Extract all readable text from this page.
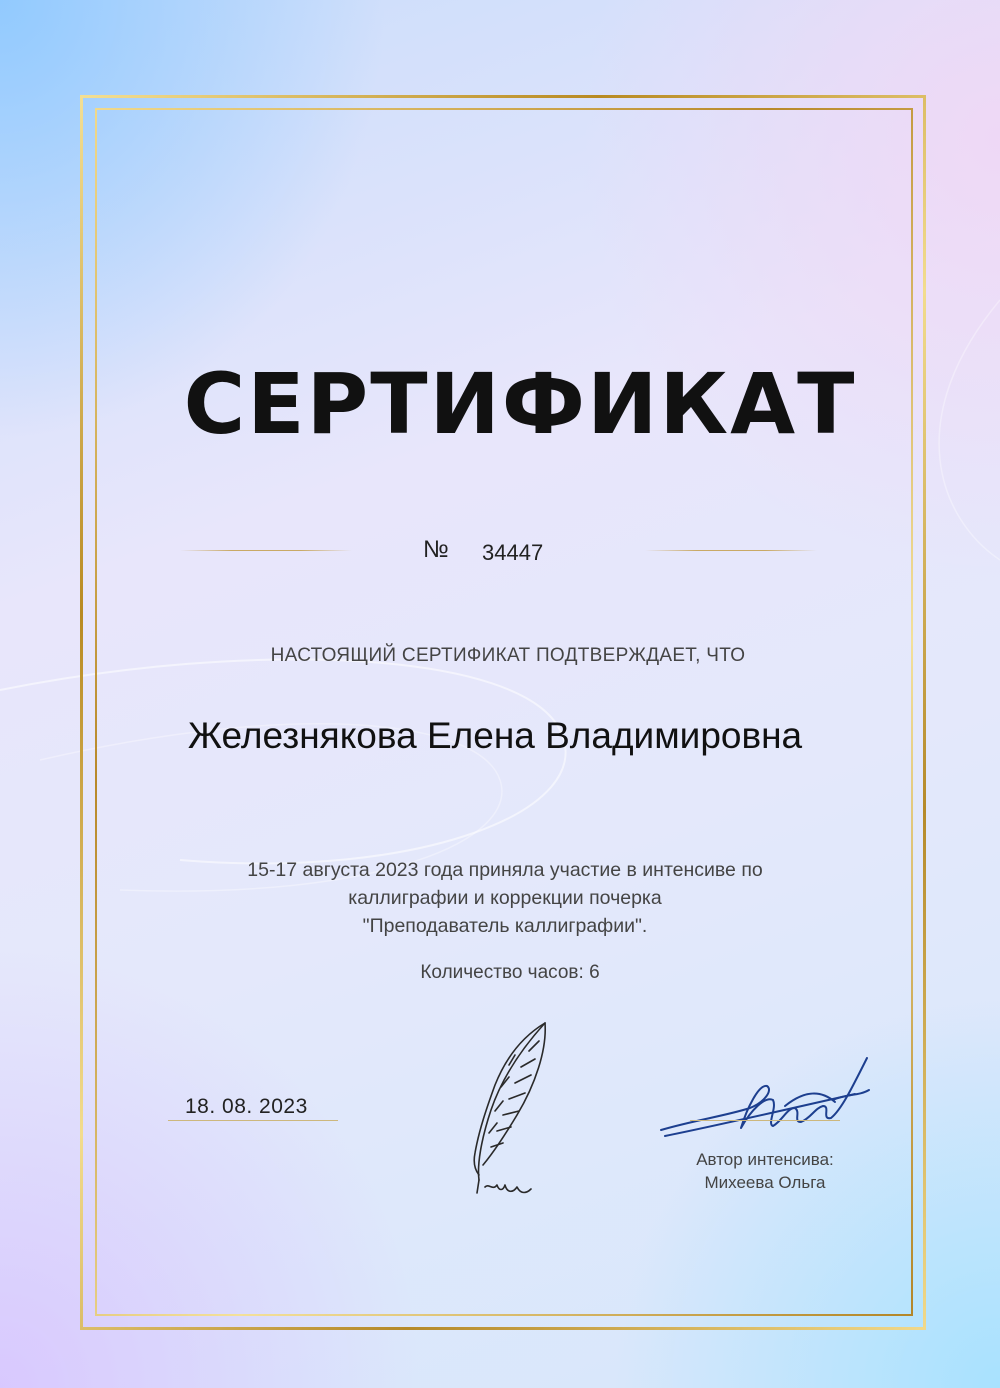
СЕРТИФИКАТ
№ 34447
НАСТОЯЩИЙ СЕРТИФИКАТ ПОДТВЕРЖДАЕТ, ЧТО
Железнякова Елена Владимировна
15-17 августа 2023 года приняла участие в интенсиве по
каллиграфии и коррекции почерка
"Преподаватель каллиграфии".
Количество часов: 6
18. 08. 2023
Автор интенсива:
Михеева Ольга
